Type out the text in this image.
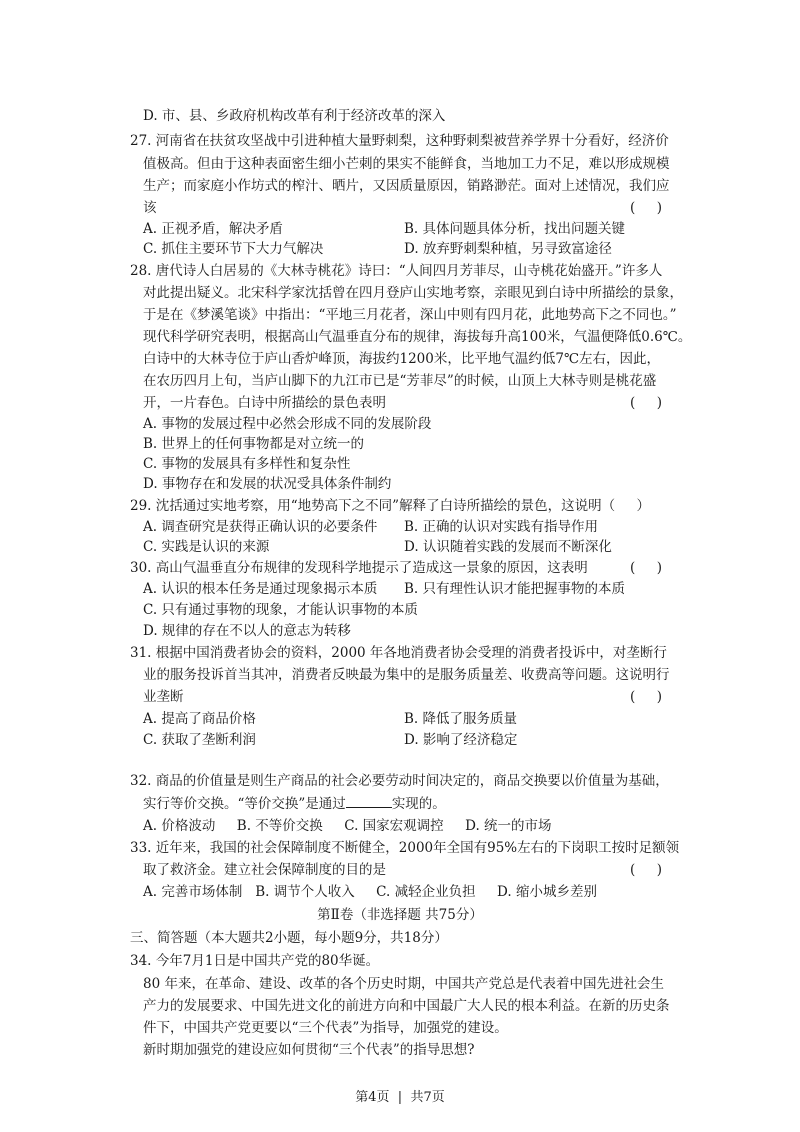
D. 市、县、乡政府机构改革有利于经济改革的深入
27. 河南省在扶贫攻坚战中引进种植大量野刺梨，这种野刺梨被营养学界十分看好，经济价
值极高。但由于这种表面密生细小芒刺的果实不能鲜食，当地加工力不足，难以形成规模
生产；而家庭小作坊式的榨汁、晒片，又因质量原因，销路渺茫。面对上述情况，我们应
该	(     )
A. 正视矛盾，解决矛盾	B. 具体问题具体分析，找出问题关键
C. 抓住主要环节下大力气解决	D. 放弃野刺梨种植，另寻致富途径
28. 唐代诗人白居易的《大林寺桃花》诗曰：“人间四月芳菲尽，山寺桃花始盛开。”许多人
对此提出疑义。北宋科学家沈括曾在四月登庐山实地考察，亲眼见到白诗中所描绘的景象，
于是在《梦溪笔谈》中指出：“平地三月花者，深山中则有四月花，此地势高下之不同也。”
现代科学研究表明，根据高山气温垂直分布的规律，海拔每升高100米，气温便降低0.6℃。
白诗中的大林寺位于庐山香炉峰顶，海拔约1200米，比平地气温约低7℃左右，因此，
在农历四月上旬，当庐山脚下的九江市已是“芳菲尽”的时候，山顶上大林寺则是桃花盛
开，一片春色。白诗中所描绘的景色表明	(     )
A. 事物的发展过程中必然会形成不同的发展阶段
B. 世界上的任何事物都是对立统一的
C. 事物的发展具有多样性和复杂性
D. 事物存在和发展的状况受具体条件制约
29. 沈括通过实地考察，用“地势高下之不同”解释了白诗所描绘的景色，这说明（     ）
A. 调查研究是获得正确认识的必要条件 B. 正确的认识对实践有指导作用
C. 实践是认识的来源	D. 认识随着实践的发展而不断深化
30. 高山气温垂直分布规律的发现科学地提示了造成这一景象的原因，这表明	(     )
A. 认识的根本任务是通过现象揭示本质 B. 只有理性认识才能把握事物的本质
C. 只有通过事物的现象，才能认识事物的本质
D. 规律的存在不以人的意志为转移
31. 根据中国消费者协会的资料，2000 年各地消费者协会受理的消费者投诉中，对垄断行
业的服务投诉首当其冲，消费者反映最为集中的是服务质量差、收费高等问题。这说明行
业垄断	(     )
A. 提高了商品价格	B. 降低了服务质量
C. 获取了垄断利润	D. 影响了经济稳定
32. 商品的价值量是则生产商品的社会必要劳动时间决定的，商品交换要以价值量为基础，
实行等价交换。“等价交换”是通过	实现的。
A. 价格波动     B. 不等价交换     C. 国家宏观调控     D. 统一的市场
33. 近年来，我国的社会保障制度不断健全，2000年全国有95%左右的下岗职工按时足额领
取了救济金。建立社会保障制度的目的是	(     )
A. 完善市场体制   B. 调节个人收入     C. 减轻企业负担     D. 缩小城乡差别
第Ⅱ卷（非选择题 共75分）
三、简答题（本大题共2小题，每小题9分，共18分）
34. 今年7月1日是中国共产党的80华诞。
80 年来，在革命、建设、改革的各个历史时期，中国共产党总是代表着中国先进社会生
产力的发展要求、中国先进文化的前进方向和中国最广大人民的根本利益。在新的历史条
件下，中国共产党更要以“三个代表”为指导，加强党的建设。
新时期加强党的建设应如何贯彻“三个代表”的指导思想?
第4页  |  共7页
